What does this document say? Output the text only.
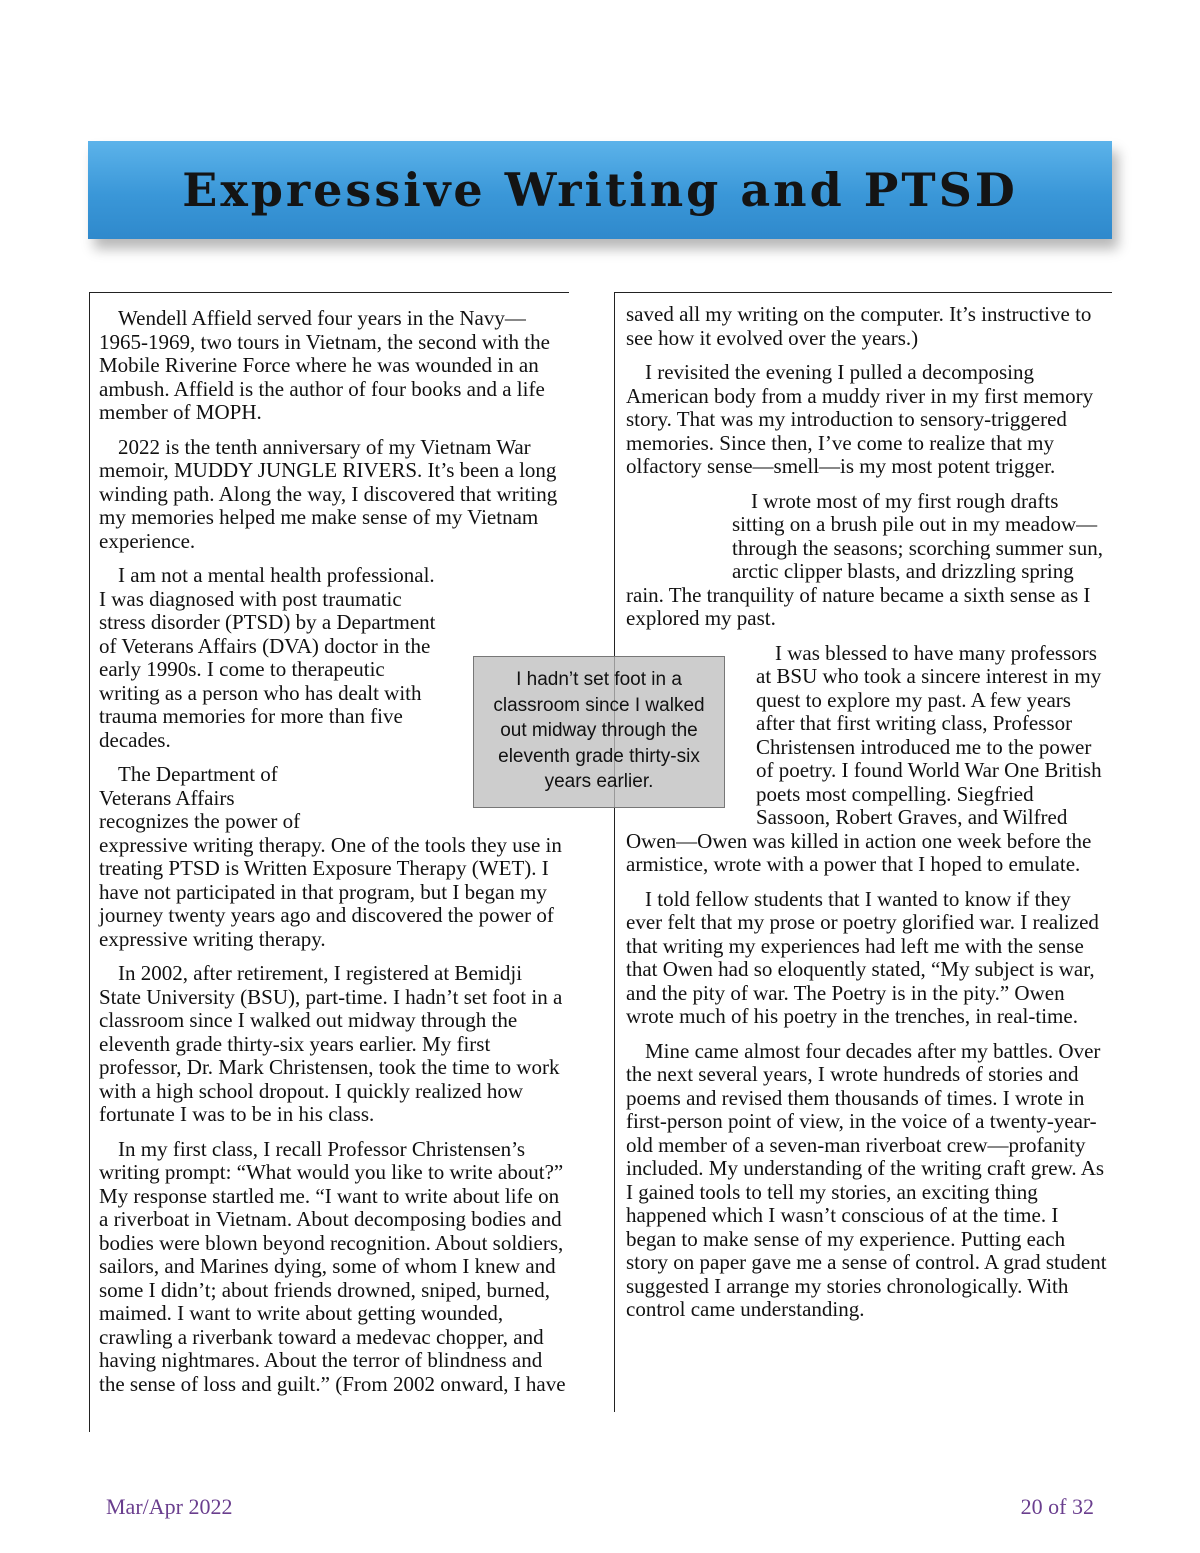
Expressive Writing and PTSD

Wendell Affield served four years in the Navy—1965-1969, two tours in Vietnam, the second with the Mobile Riverine Force where he was wounded in an ambush. Affield is the author of four books and a life member of MOPH.

2022 is the tenth anniversary of my Vietnam War memoir, MUDDY JUNGLE RIVERS. It’s been a long winding path. Along the way, I discovered that writing my memories helped me make sense of my Vietnam experience.

I am not a mental health professional. I was diagnosed with post traumatic stress disorder (PTSD) by a Department of Veterans Affairs (DVA) doctor in the early 1990s. I come to therapeutic writing as a person who has dealt with trauma memories for more than five decades.

The Department of Veterans Affairs recognizes the power of expressive writing therapy. One of the tools they use in treating PTSD is Written Exposure Therapy (WET). I have not participated in that program, but I began my journey twenty years ago and discovered the power of expressive writing therapy.

In 2002, after retirement, I registered at Bemidji State University (BSU), part-time. I hadn’t set foot in a classroom since I walked out midway through the eleventh grade thirty-six years earlier. My first professor, Dr. Mark Christensen, took the time to work with a high school dropout. I quickly realized how fortunate I was to be in his class.

In my first class, I recall Professor Christensen’s writing prompt: “What would you like to write about?” My response startled me. “I want to write about life on a riverboat in Vietnam. About decomposing bodies and bodies were blown beyond recognition. About soldiers, sailors, and Marines dying, some of whom I knew and some I didn’t; about friends drowned, sniped, burned, maimed. I want to write about getting wounded, crawling a riverbank toward a medevac chopper, and having nightmares. About the terror of blindness and the sense of loss and guilt.” (From 2002 onward, I have

saved all my writing on the computer. It’s instructive to see how it evolved over the years.)

I revisited the evening I pulled a decomposing American body from a muddy river in my first memory story. That was my introduction to sensory-triggered memories. Since then, I’ve come to realize that my olfactory sense—smell—is my most potent trigger.

I wrote most of my first rough drafts sitting on a brush pile out in my meadow—through the seasons; scorching summer sun, arctic clipper blasts, and drizzling spring rain. The tranquility of nature became a sixth sense as I explored my past.

I was blessed to have many professors at BSU who took a sincere interest in my quest to explore my past. A few years after that first writing class, Professor Christensen introduced me to the power of poetry. I found World War One British poets most compelling. Siegfried Sassoon, Robert Graves, and Wilfred Owen—Owen was killed in action one week before the armistice, wrote with a power that I hoped to emulate.

I told fellow students that I wanted to know if they ever felt that my prose or poetry glorified war. I realized that writing my experiences had left me with the sense that Owen had so eloquently stated, “My subject is war, and the pity of war. The Poetry is in the pity.” Owen wrote much of his poetry in the trenches, in real-time.

Mine came almost four decades after my battles. Over the next several years, I wrote hundreds of stories and poems and revised them thousands of times. I wrote in first-person point of view, in the voice of a twenty-year-old member of a seven-man riverboat crew—profanity included. My understanding of the writing craft grew. As I gained tools to tell my stories, an exciting thing happened which I wasn’t conscious of at the time. I began to make sense of my experience. Putting each story on paper gave me a sense of control. A grad student suggested I arrange my stories chronologically. With control came understanding.

I hadn’t set foot in a classroom since I walked out midway through the eleventh grade thirty-six years earlier.
Mar/Apr 2022	20 of 32
